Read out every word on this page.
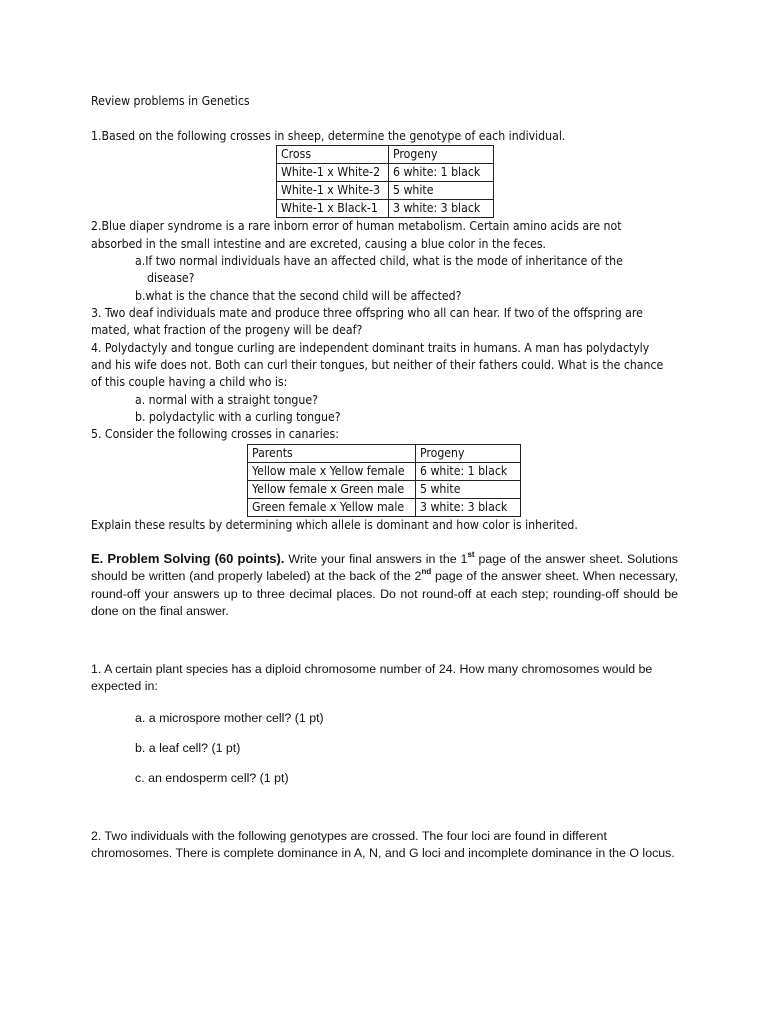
Review problems in Genetics
1.Based on the following crosses in sheep, determine the genotype of each individual.
Cross	Progeny
White-1 x White-2	6 white: 1 black
White-1 x White-3	5 white
White-1 x Black-1	3 white: 3 black
2.Blue diaper syndrome is a rare inborn error of human metabolism. Certain amino acids are not
absorbed in the small intestine and are excreted, causing a blue color in the feces.
a.If two normal individuals have an affected child, what is the mode of inheritance of the
disease?
b.what is the chance that the second child will be affected?
3. Two deaf individuals mate and produce three offspring who all can hear. If two of the offspring are
mated, what fraction of the progeny will be deaf?
4. Polydactyly and tongue curling are independent dominant traits in humans. A man has polydactyly
and his wife does not. Both can curl their tongues, but neither of their fathers could. What is the chance
of this couple having a child who is:
a. normal with a straight tongue?
b. polydactylic with a curling tongue?
5. Consider the following crosses in canaries:
Parents	Progeny
Yellow male x Yellow female	6 white: 1 black
Yellow female x Green male	5 white
Green female x Yellow male	3 white: 3 black
Explain these results by determining which allele is dominant and how color is inherited.
E. Problem Solving (60 points). Write your final answers in the 1st page of the answer sheet. Solutions should be written (and properly labeled) at the back of the 2nd page of the answer sheet. When necessary, round-off your answers up to three decimal places. Do not round-off at each step; rounding-off should be done on the final answer.
1. A certain plant species has a diploid chromosome number of 24. How many chromosomes would be expected in:
a. a microspore mother cell? (1 pt)
b. a leaf cell? (1 pt)
c. an endosperm cell? (1 pt)
2. Two individuals with the following genotypes are crossed. The four loci are found in different chromosomes. There is complete dominance in A, N, and G loci and incomplete dominance in the O locus.
